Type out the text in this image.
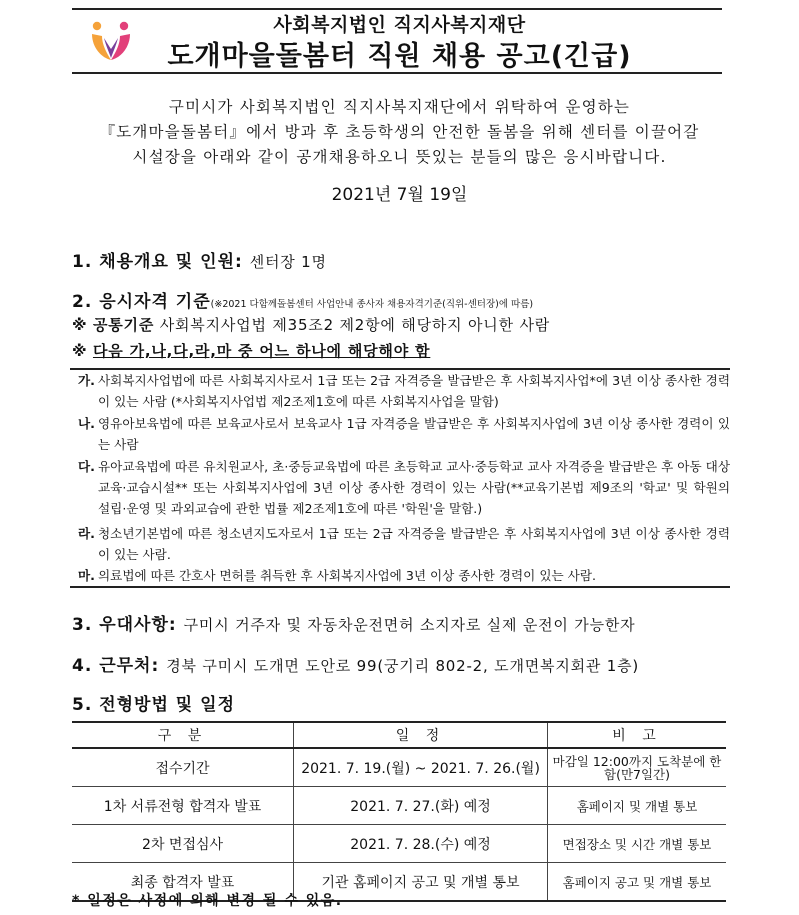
사회복지법인 직지사복지재단
도개마을돌봄터 직원 채용 공고(긴급)
구미시가 사회복지법인 직지사복지재단에서 위탁하여 운영하는
『도개마을돌봄터』에서 방과 후 초등학생의 안전한 돌봄을 위해 센터를 이끌어갈
시설장을 아래와 같이 공개채용하오니 뜻있는 분들의 많은 응시바랍니다.
2021년 7월 19일
1. 채용개요 및 인원: 센터장 1명
2. 응시자격 기준(※2021 다함께돌봄센터 사업안내 종사자 채용자격기준(직위-센터장)에 따름)
※ 공통기준 사회복지사업법 제35조2 제2항에 해당하지 아니한 사람
※ 다음 가,나,다,라,마 중 어느 하나에 해당해야 함
가. 사회복지사업법에 따른 사회복지사로서 1급 또는 2급 자격증을 발급받은 후 사회복지사업*에 3년 이상 종사한 경력이 있는 사람 (*사회복지사업법 제2조제1호에 따른 사회복지사업을 말함)
나. 영유아보육법에 따른 보육교사로서 보육교사 1급 자격증을 발급받은 후 사회복지사업에 3년 이상 종사한 경력이 있는 사람
다. 유아교육법에 따른 유치원교사, 초·중등교육법에 따른 초등학교 교사·중등학교 교사 자격증을 발급받은 후 아동 대상 교육·교습시설** 또는 사회복지사업에 3년 이상 종사한 경력이 있는 사람(**교육기본법 제9조의 '학교' 및 학원의 설립·운영 및 과외교습에 관한 법률 제2조제1호에 따른 '학원'을 말함.)
라. 청소년기본법에 따른 청소년지도자로서 1급 또는 2급 자격증을 발급받은 후 사회복지사업에 3년 이상 종사한 경력이 있는 사람.
마. 의료법에 따른 간호사 면허를 취득한 후 사회복지사업에 3년 이상 종사한 경력이 있는 사람.
3. 우대사항: 구미시 거주자 및 자동차운전면허 소지자로 실제 운전이 가능한자
4. 근무처: 경북 구미시 도개면 도안로 99(궁기리 802-2, 도개면복지회관 1층)
5. 전형방법 및 일정
구 분	일 정	비 고
접수기간	2021. 7. 19.(월) ~ 2021. 7. 26.(월)	마감일 12:00까지 도착분에 한함(만7일간)
1차 서류전형 합격자 발표	2021. 7. 27.(화) 예정	홈페이지 및 개별 통보
2차 면접심사	2021. 7. 28.(수) 예정	면접장소 및 시간 개별 통보
최종 합격자 발표	기관 홈페이지 공고 및 개별 통보	홈페이지 공고 및 개별 통보
* 일정은 사정에 의해 변경 될 수 있음.
